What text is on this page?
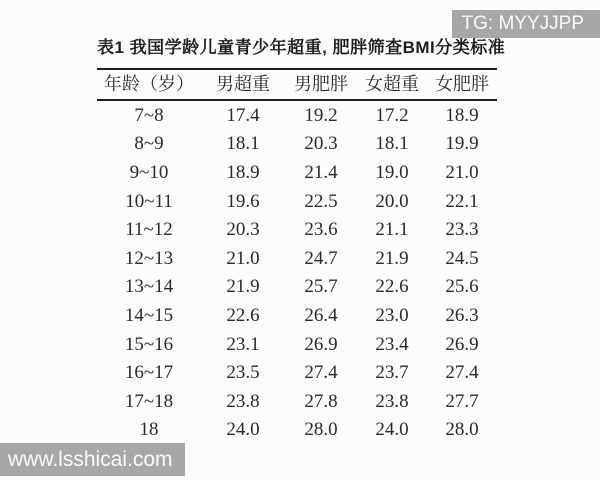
TG: MYYJJPP
表1 我国学龄儿童青少年超重, 肥胖筛查BMI分类标准
年龄（岁）	男超重	男肥胖	女超重	女肥胖
7~8	17.4	19.2	17.2	18.9
8~9	18.1	20.3	18.1	19.9
9~10	18.9	21.4	19.0	21.0
10~11	19.6	22.5	20.0	22.1
11~12	20.3	23.6	21.1	23.3
12~13	21.0	24.7	21.9	24.5
13~14	21.9	25.7	22.6	25.6
14~15	22.6	26.4	23.0	26.3
15~16	23.1	26.9	23.4	26.9
16~17	23.5	27.4	23.7	27.4
17~18	23.8	27.8	23.8	27.7
18	24.0	28.0	24.0	28.0
www.lsshicai.com
